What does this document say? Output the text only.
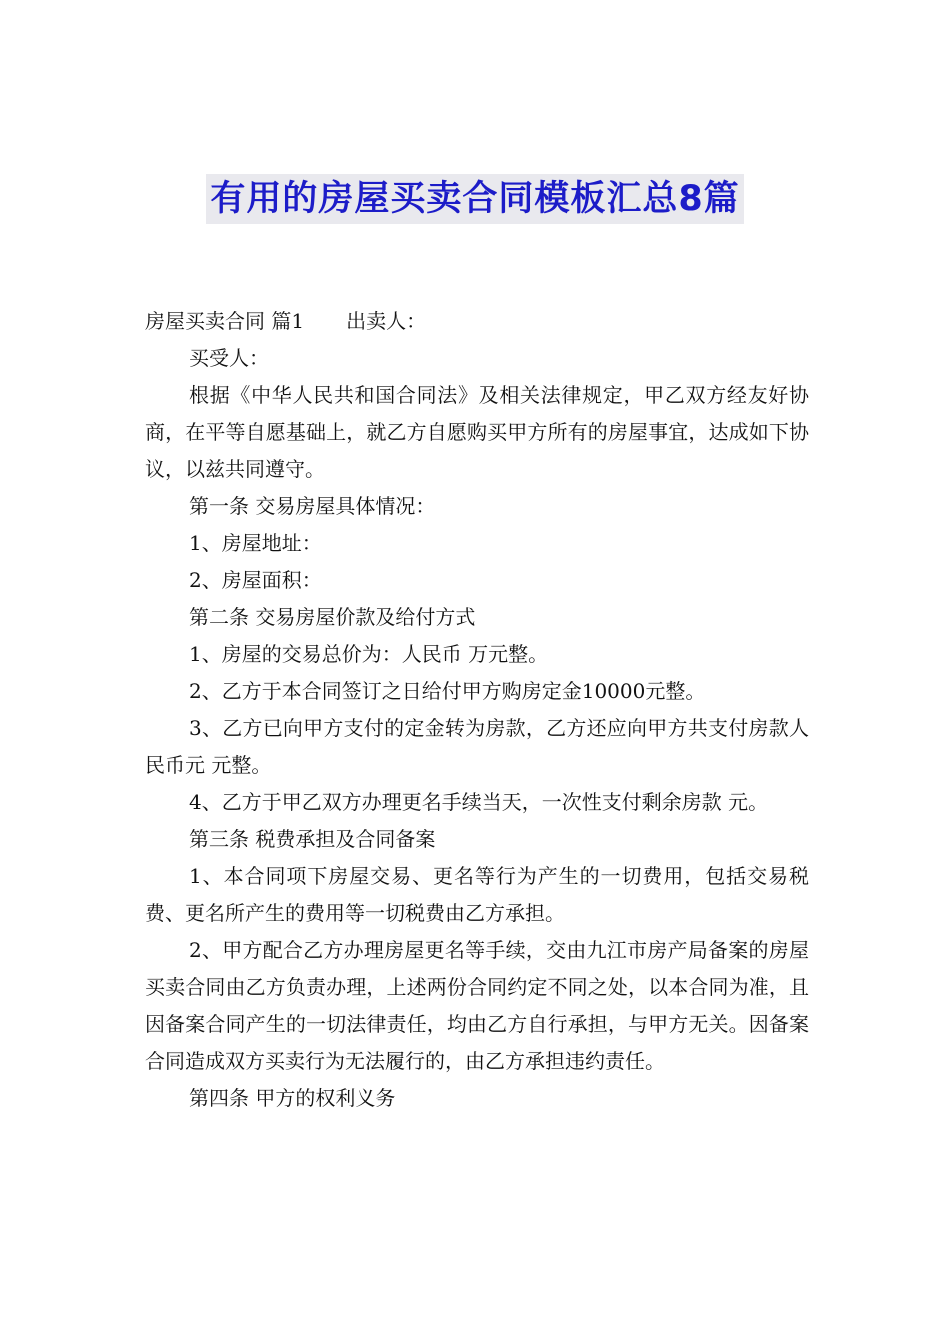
有用的房屋买卖合同模板汇总8篇

房屋买卖合同 篇1 出卖人：

买受人：

根据《中华人民共和国合同法》及相关法律规定，甲乙双方经友好协商，在平等自愿基础上，就乙方自愿购买甲方所有的房屋事宜，达成如下协议，以兹共同遵守。

第一条 交易房屋具体情况：

1、房屋地址：

2、房屋面积：

第二条 交易房屋价款及给付方式

1、房屋的交易总价为：人民币 万元整。

2、乙方于本合同签订之日给付甲方购房定金10000元整。

3、乙方已向甲方支付的定金转为房款，乙方还应向甲方共支付房款人民币元 元整。

4、乙方于甲乙双方办理更名手续当天，一次性支付剩余房款 元。

第三条 税费承担及合同备案

1、本合同项下房屋交易、更名等行为产生的一切费用，包括交易税费、更名所产生的费用等一切税费由乙方承担。

2、甲方配合乙方办理房屋更名等手续，交由九江市房产局备案的房屋买卖合同由乙方负责办理，上述两份合同约定不同之处，以本合同为准，且因备案合同产生的一切法律责任，均由乙方自行承担，与甲方无关。因备案合同造成双方买卖行为无法履行的，由乙方承担违约责任。

第四条 甲方的权利义务
